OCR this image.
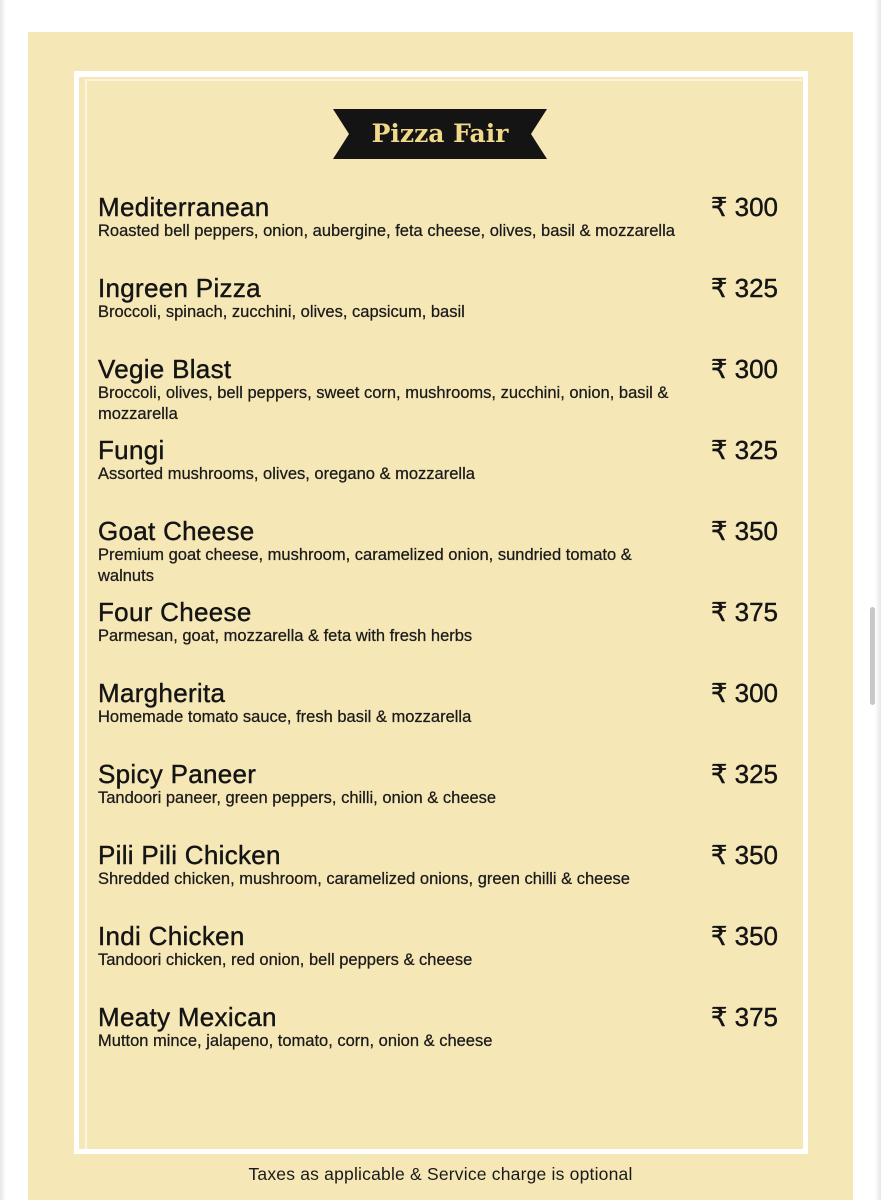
Pizza Fair
Mediterranean
Roasted bell peppers, onion, aubergine, feta cheese, olives, basil & mozzarella
₹ 300
Ingreen Pizza
Broccoli, spinach, zucchini, olives, capsicum, basil
₹ 325
Vegie Blast
Broccoli, olives, bell peppers, sweet corn, mushrooms, zucchini, onion, basil & mozzarella
₹ 300
Fungi
Assorted mushrooms, olives, oregano & mozzarella
₹ 325
Goat Cheese
Premium goat cheese, mushroom, caramelized onion, sundried tomato & walnuts
₹ 350
Four Cheese
Parmesan, goat, mozzarella & feta with fresh herbs
₹ 375
Margherita
Homemade tomato sauce, fresh basil & mozzarella
₹ 300
Spicy Paneer
Tandoori paneer, green peppers, chilli, onion & cheese
₹ 325
Pili Pili Chicken
Shredded chicken, mushroom, caramelized onions, green chilli & cheese
₹ 350
Indi Chicken
Tandoori chicken, red onion, bell peppers & cheese
₹ 350
Meaty Mexican
Mutton mince, jalapeno, tomato, corn, onion & cheese
₹ 375
Taxes as applicable & Service charge is optional
